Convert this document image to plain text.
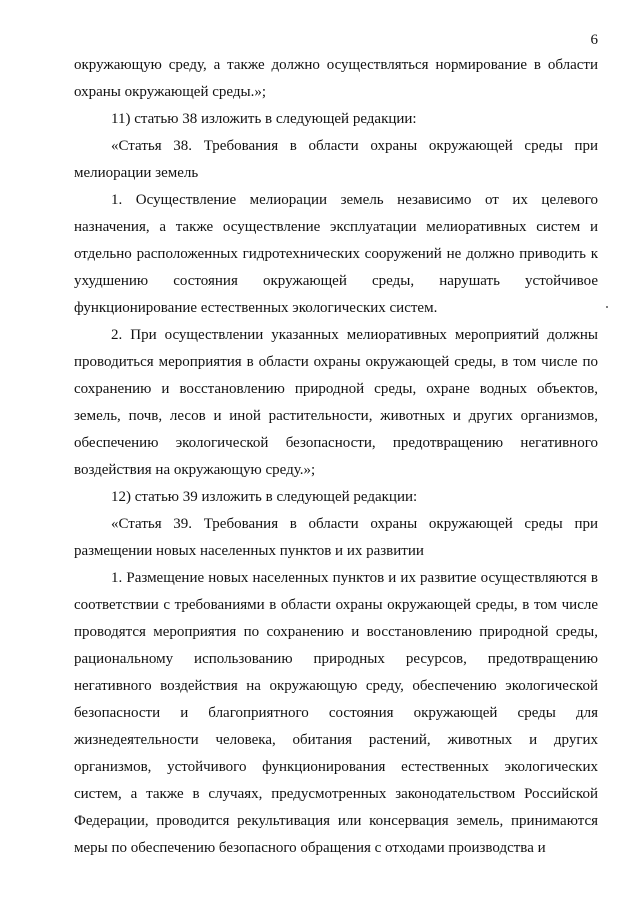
6

окружающую среду, а также должно осуществляться нормирование в области охраны окружающей среды.»;

11) статью 38 изложить в следующей редакции:

«Статья 38. Требования в области охраны окружающей среды при мелиорации земель

1. Осуществление мелиорации земель независимо от их целевого назначения, а также осуществление эксплуатации мелиоративных систем и отдельно расположенных гидротехнических сооружений не должно приводить к ухудшению состояния окружающей среды, нарушать устойчивое функционирование естественных экологических систем.

2. При осуществлении указанных мелиоративных мероприятий должны проводиться мероприятия в области охраны окружающей среды, в том числе по сохранению и восстановлению природной среды, охране водных объектов, земель, почв, лесов и иной растительности, животных и других организмов, обеспечению экологической безопасности, предотвращению негативного воздействия на окружающую среду.»;

12) статью 39 изложить в следующей редакции:

«Статья 39. Требования в области охраны окружающей среды при размещении новых населенных пунктов и их развитии

1. Размещение новых населенных пунктов и их развитие осуществляются в соответствии с требованиями в области охраны окружающей среды, в том числе проводятся мероприятия по сохранению и восстановлению природной среды, рациональному использованию природных ресурсов, предотвращению негативного воздействия на окружающую среду, обеспечению экологической безопасности и благоприятного состояния окружающей среды для жизнедеятельности человека, обитания растений, животных и других организмов, устойчивого функционирования естественных экологических систем, а также в случаях, предусмотренных законодательством Российской Федерации, проводится рекультивация или консервация земель, принимаются меры по обеспечению безопасного обращения с отходами производства и
